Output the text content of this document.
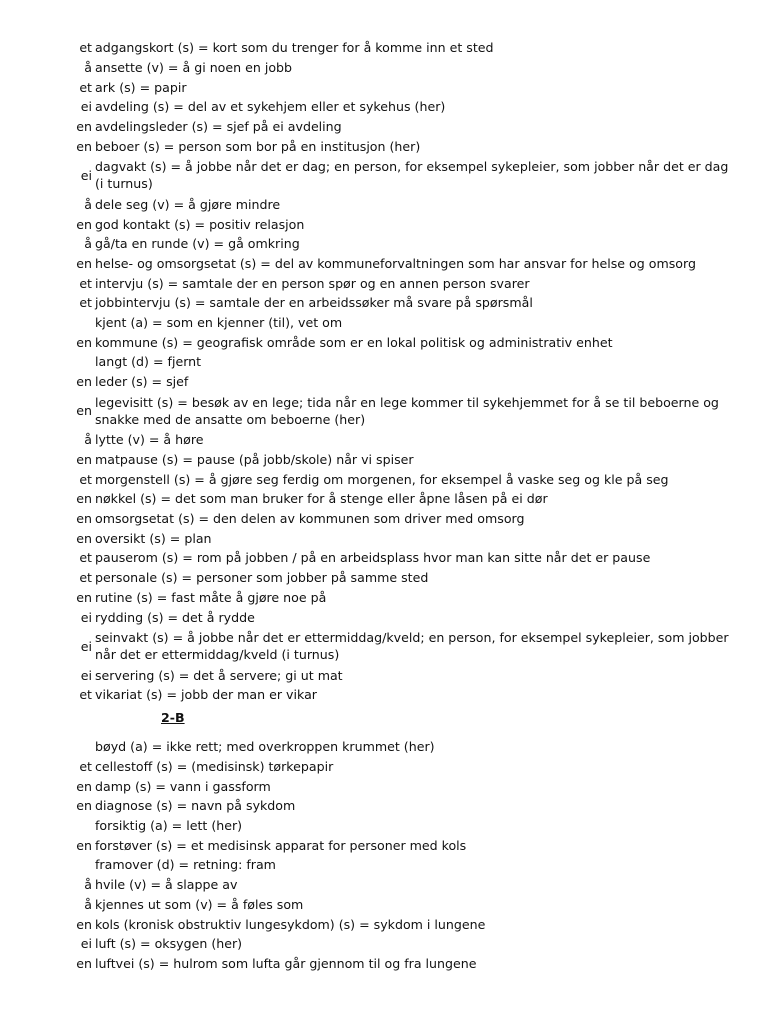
et adgangskort (s) = kort som du trenger for å komme inn et sted
å ansette (v) = å gi noen en jobb
et ark (s) = papir
ei avdeling (s) = del av et sykehjem eller et sykehus (her)
en avdelingsleder (s) = sjef på ei avdeling
en beboer (s) = person som bor på en institusjon (her)
ei
dagvakt (s) = å jobbe når det er dag; en person, for eksempel sykepleier, som jobber når det er dag (i turnus)
å dele seg (v) = å gjøre mindre
en god kontakt (s) = positiv relasjon
å gå/ta en runde (v) = gå omkring
en helse- og omsorgsetat (s) = del av kommuneforvaltningen som har ansvar for helse og omsorg
et intervju (s) = samtale der en person spør og en annen person svarer
et jobbintervju (s) = samtale der en arbeidssøker må svare på spørsmål
kjent (a) = som en kjenner (til), vet om
en kommune (s) = geografisk område som er en lokal politisk og administrativ enhet
langt (d) = fjernt
en leder (s) = sjef
en
legevisitt (s) = besøk av en lege; tida når en lege kommer til sykehjemmet for å se til beboerne og snakke med de ansatte om beboerne (her)
å lytte (v) = å høre
en matpause (s) = pause (på jobb/skole) når vi spiser
et morgenstell (s) = å gjøre seg ferdig om morgenen, for eksempel å vaske seg og kle på seg
en nøkkel (s) = det som man bruker for å stenge eller åpne låsen på ei dør
en omsorgsetat (s) = den delen av kommunen som driver med omsorg
en oversikt (s) = plan
et pauserom (s) = rom på jobben / på en arbeidsplass hvor man kan sitte når det er pause
et personale (s) = personer som jobber på samme sted
en rutine (s) = fast måte å gjøre noe på
ei rydding (s) = det å rydde
ei
seinvakt (s) = å jobbe når det er ettermiddag/kveld; en person, for eksempel sykepleier, som jobber når det er ettermiddag/kveld (i turnus)
ei servering (s) = det å servere; gi ut mat
et vikariat (s) = jobb der man er vikar
2-B
bøyd (a) = ikke rett; med overkroppen krummet (her)
et cellestoff (s) = (medisinsk) tørkepapir
en damp (s) = vann i gassform
en diagnose (s) = navn på sykdom
forsiktig (a) = lett (her)
en forstøver (s) = et medisinsk apparat for personer med kols
framover (d) = retning: fram
å hvile (v) = å slappe av
å kjennes ut som (v) = å føles som
en kols (kronisk obstruktiv lungesykdom) (s) = sykdom i lungene
ei luft (s) = oksygen (her)
en luftvei (s) = hulrom som lufta går gjennom til og fra lungene
